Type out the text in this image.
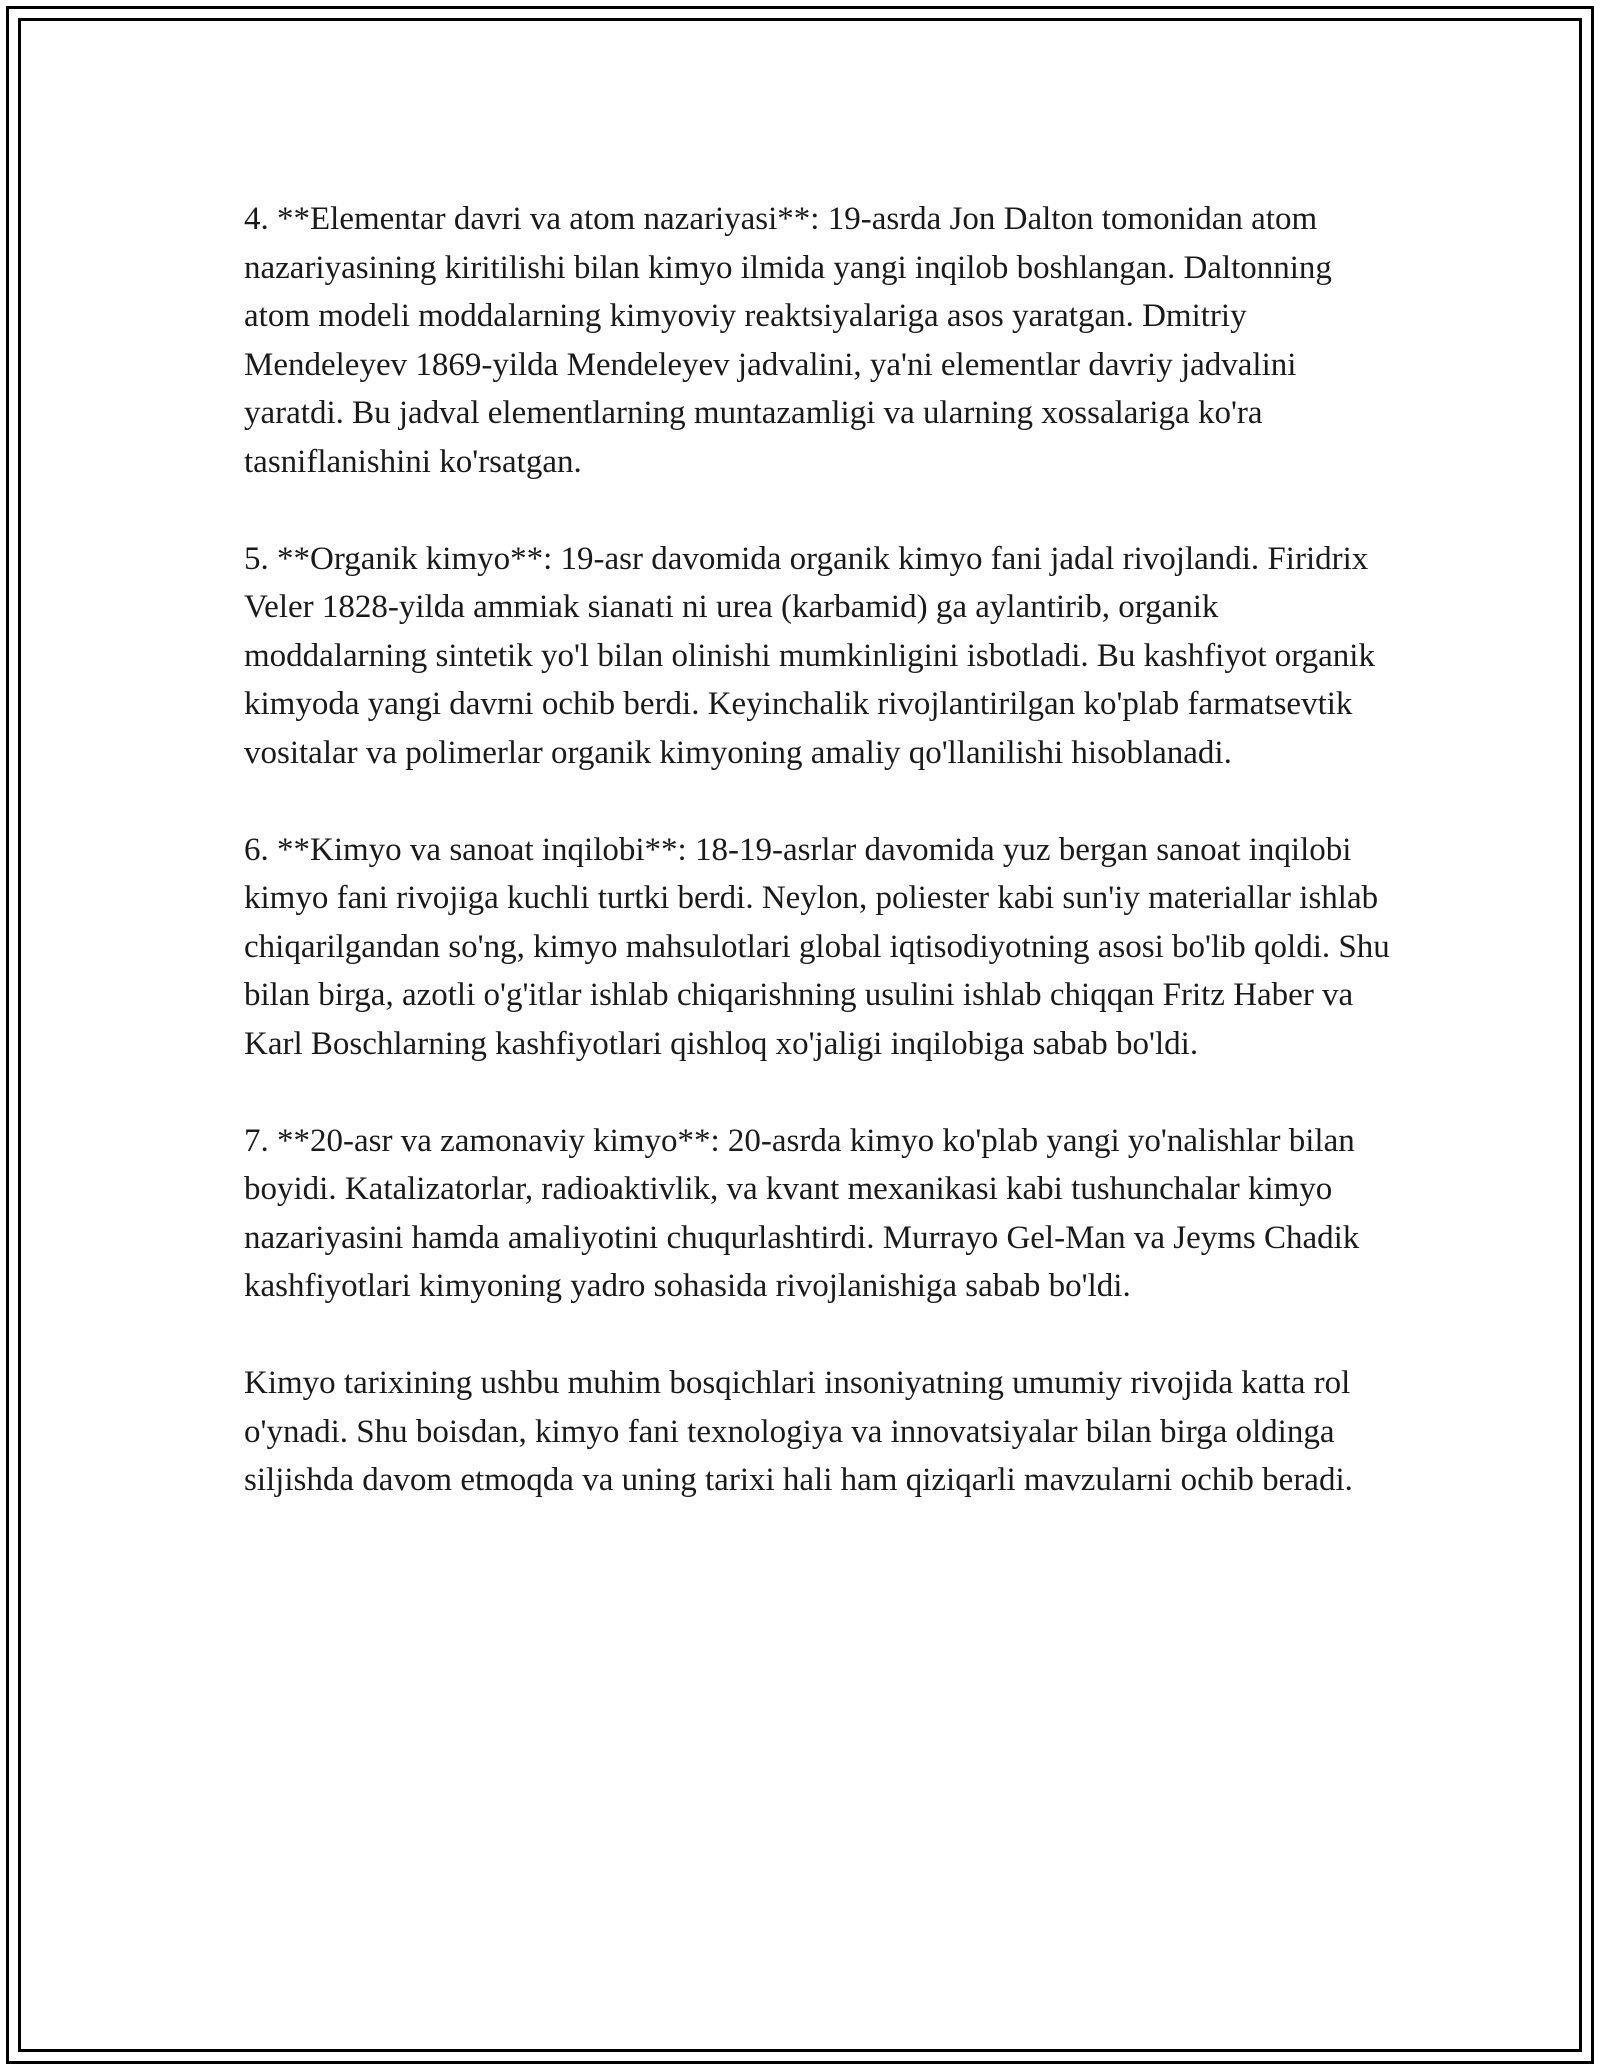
4. **Elementar davri va atom nazariyasi**: 19-asrda Jon Dalton tomonidan atom nazariyasining kiritilishi bilan kimyo ilmida yangi inqilob boshlangan. Daltonning atom modeli moddalarning kimyoviy reaktsiyalariga asos yaratgan. Dmitriy Mendeleyev 1869-yilda Mendeleyev jadvalini, ya'ni elementlar davriy jadvalini yaratdi. Bu jadval elementlarning muntazamligi va ularning xossalariga ko'ra tasniflanishini ko'rsatgan.

5. **Organik kimyo**: 19-asr davomida organik kimyo fani jadal rivojlandi. Firidrix Veler 1828-yilda ammiak sianati ni urea (karbamid) ga aylantirib, organik moddalarning sintetik yo'l bilan olinishi mumkinligini isbotladi. Bu kashfiyot organik kimyoda yangi davrni ochib berdi. Keyinchalik rivojlantirilgan ko'plab farmatsevtik vositalar va polimerlar organik kimyoning amaliy qo'llanilishi hisoblanadi.

6. **Kimyo va sanoat inqilobi**: 18-19-asrlar davomida yuz bergan sanoat inqilobi kimyo fani rivojiga kuchli turtki berdi. Neylon, poliester kabi sun'iy materiallar ishlab chiqarilgandan so'ng, kimyo mahsulotlari global iqtisodiyotning asosi bo'lib qoldi. Shu bilan birga, azotli o'g'itlar ishlab chiqarishning usulini ishlab chiqqan Fritz Haber va Karl Boschlarning kashfiyotlari qishloq xo'jaligi inqilobiga sabab bo'ldi.

7. **20-asr va zamonaviy kimyo**: 20-asrda kimyo ko'plab yangi yo'nalishlar bilan boyidi. Katalizatorlar, radioaktivlik, va kvant mexanikasi kabi tushunchalar kimyo nazariyasini hamda amaliyotini chuqurlashtirdi. Murrayo Gel-Man va Jeyms Chadik kashfiyotlari kimyoning yadro sohasida rivojlanishiga sabab bo'ldi.

Kimyo tarixining ushbu muhim bosqichlari insoniyatning umumiy rivojida katta rol o'ynadi. Shu boisdan, kimyo fani texnologiya va innovatsiyalar bilan birga oldinga siljishda davom etmoqda va uning tarixi hali ham qiziqarli mavzularni ochib beradi.
